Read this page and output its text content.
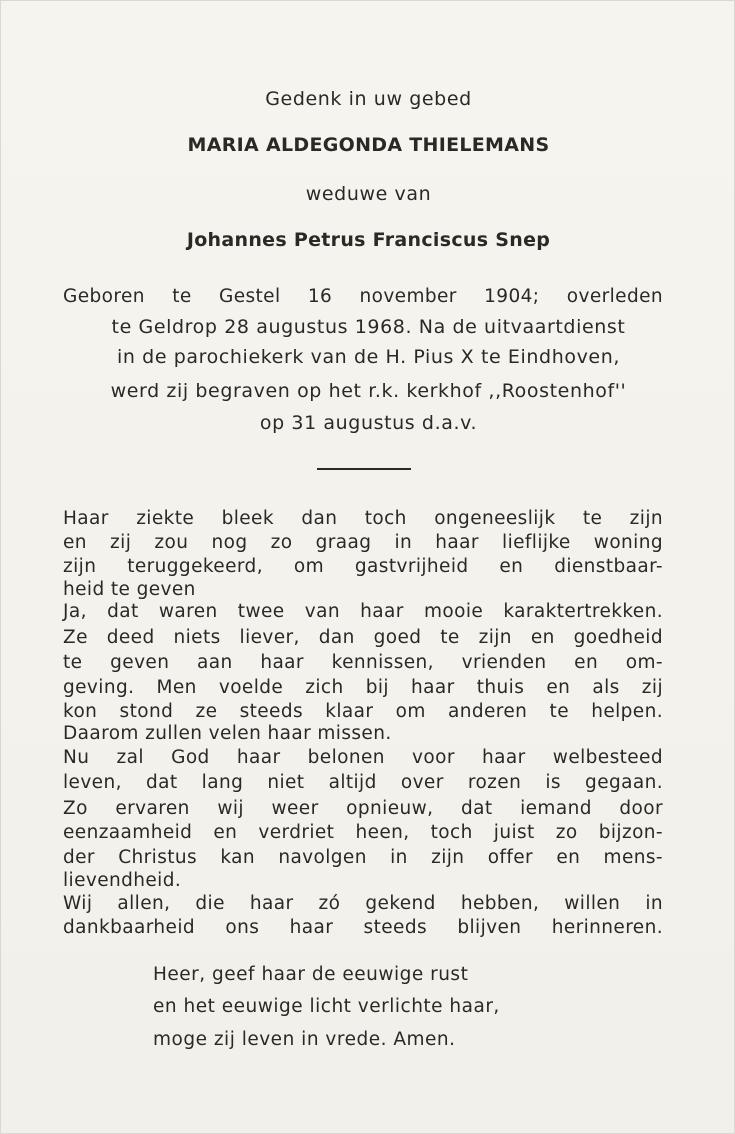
Gedenk in uw gebed
MARIA ALDEGONDA THIELEMANS
weduwe van
Johannes Petrus Franciscus Snep
Geboren te Gestel 16 november 1904; overleden
te Geldrop 28 augustus 1968. Na de uitvaartdienst
in de parochiekerk van de H. Pius X te Eindhoven,
werd zij begraven op het r.k. kerkhof ,,Roostenhof''
op 31 augustus d.a.v.
Haar ziekte bleek dan toch ongeneeslijk te zijn
en zij zou nog zo graag in haar lieflijke woning
zijn teruggekeerd, om gastvrijheid en dienstbaar-
heid te geven
Ja, dat waren twee van haar mooie karaktertrekken.
Ze deed niets liever, dan goed te zijn en goedheid
te geven aan haar kennissen, vrienden en om-
geving. Men voelde zich bij haar thuis en als zij
kon stond ze steeds klaar om anderen te helpen.
Daarom zullen velen haar missen.
Nu zal God haar belonen voor haar welbesteed
leven, dat lang niet altijd over rozen is gegaan.
Zo ervaren wij weer opnieuw, dat iemand door
eenzaamheid en verdriet heen, toch juist zo bijzon-
der Christus kan navolgen in zijn offer en mens-
lievendheid.
Wij allen, die haar zó gekend hebben, willen in
dankbaarheid ons haar steeds blijven herinneren.
Heer, geef haar de eeuwige rust
en het eeuwige licht verlichte haar,
moge zij leven in vrede. Amen.
